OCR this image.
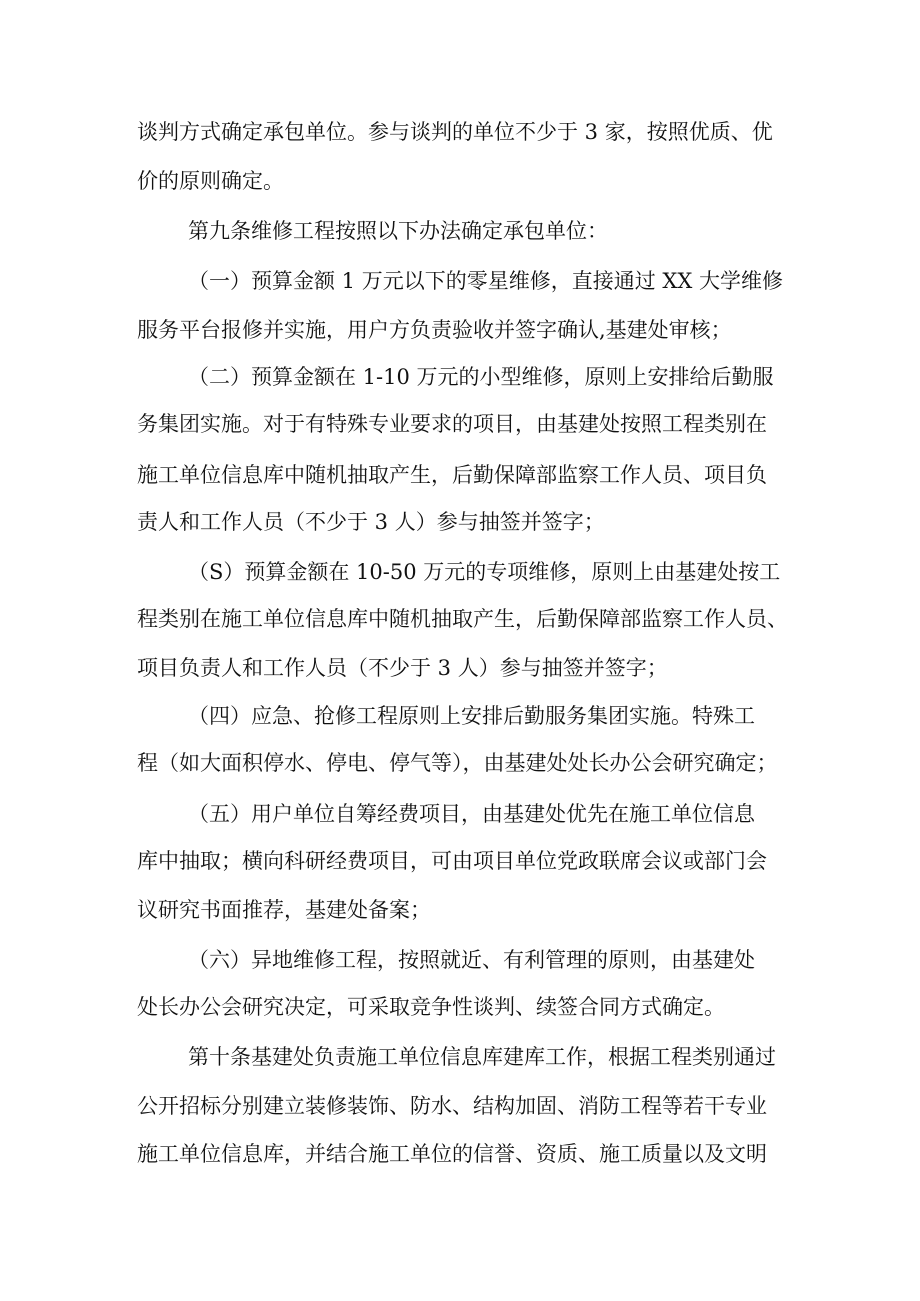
谈判方式确定承包单位。参与谈判的单位不少于 3 家，按照优质、优

价的原则确定。

第九条维修工程按照以下办法确定承包单位：

（一）预算金额 1 万元以下的零星维修，直接通过 XX 大学维修

服务平台报修并实施，用户方负责验收并签字确认,基建处审核；

（二）预算金额在 1-10 万元的小型维修，原则上安排给后勤服

务集团实施。对于有特殊专业要求的项目，由基建处按照工程类别在

施工单位信息库中随机抽取产生，后勤保障部监察工作人员、项目负

责人和工作人员（不少于 3 人）参与抽签并签字；

（S）预算金额在 10-50 万元的专项维修，原则上由基建处按工

程类别在施工单位信息库中随机抽取产生，后勤保障部监察工作人员、

项目负责人和工作人员（不少于 3 人）参与抽签并签字；

（四）应急、抢修工程原则上安排后勤服务集团实施。特殊工

程（如大面积停水、停电、停气等），由基建处处长办公会研究确定；

（五）用户单位自筹经费项目，由基建处优先在施工单位信息

库中抽取；横向科研经费项目，可由项目单位党政联席会议或部门会

议研究书面推荐，基建处备案；

（六）异地维修工程，按照就近、有利管理的原则，由基建处

处长办公会研究决定，可采取竞争性谈判、续签合同方式确定。

第十条基建处负责施工单位信息库建库工作，根据工程类别通过

公开招标分别建立装修装饰、防水、结构加固、消防工程等若干专业

施工单位信息库，并结合施工单位的信誉、资质、施工质量以及文明
